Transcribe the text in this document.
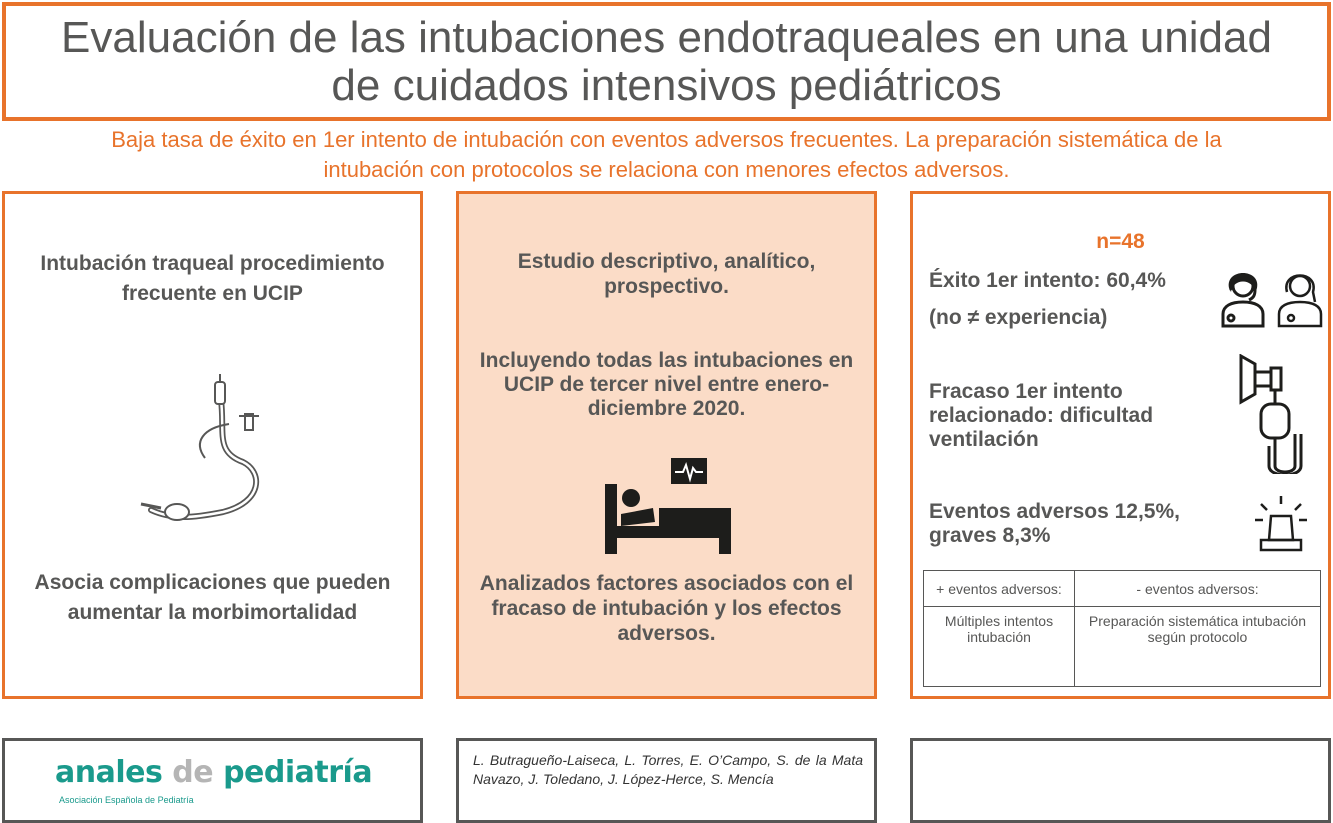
Evaluación de las intubaciones endotraqueales en una unidad
de cuidados intensivos pediátricos
Baja tasa de éxito en 1er intento de intubación con eventos adversos frecuentes. La preparación sistemática de la
intubación con protocolos se relaciona con menores efectos adversos.
Intubación traqueal procedimiento frecuente en UCIP
Asocia complicaciones que pueden aumentar la morbimortalidad
Estudio descriptivo, analítico, prospectivo.
Incluyendo todas las intubaciones en UCIP de tercer nivel entre enero-diciembre 2020.
Analizados factores asociados con el fracaso de intubación y los efectos adversos.
n=48
Éxito 1er intento: 60,4%
(no ≠ experiencia)
Fracaso 1er intento relacionado: dificultad ventilación
Eventos adversos 12,5%, graves 8,3%
+ eventos adversos:	- eventos adversos:
Múltiples intentos intubación	Preparación sistemática intubación según protocolo
anales de pediatría
Asociación Española de Pediatría
L. Butragueño-Laiseca, L. Torres, E. O’Campo, S. de la Mata Navazo, J. Toledano, J. López-Herce, S. Mencía
